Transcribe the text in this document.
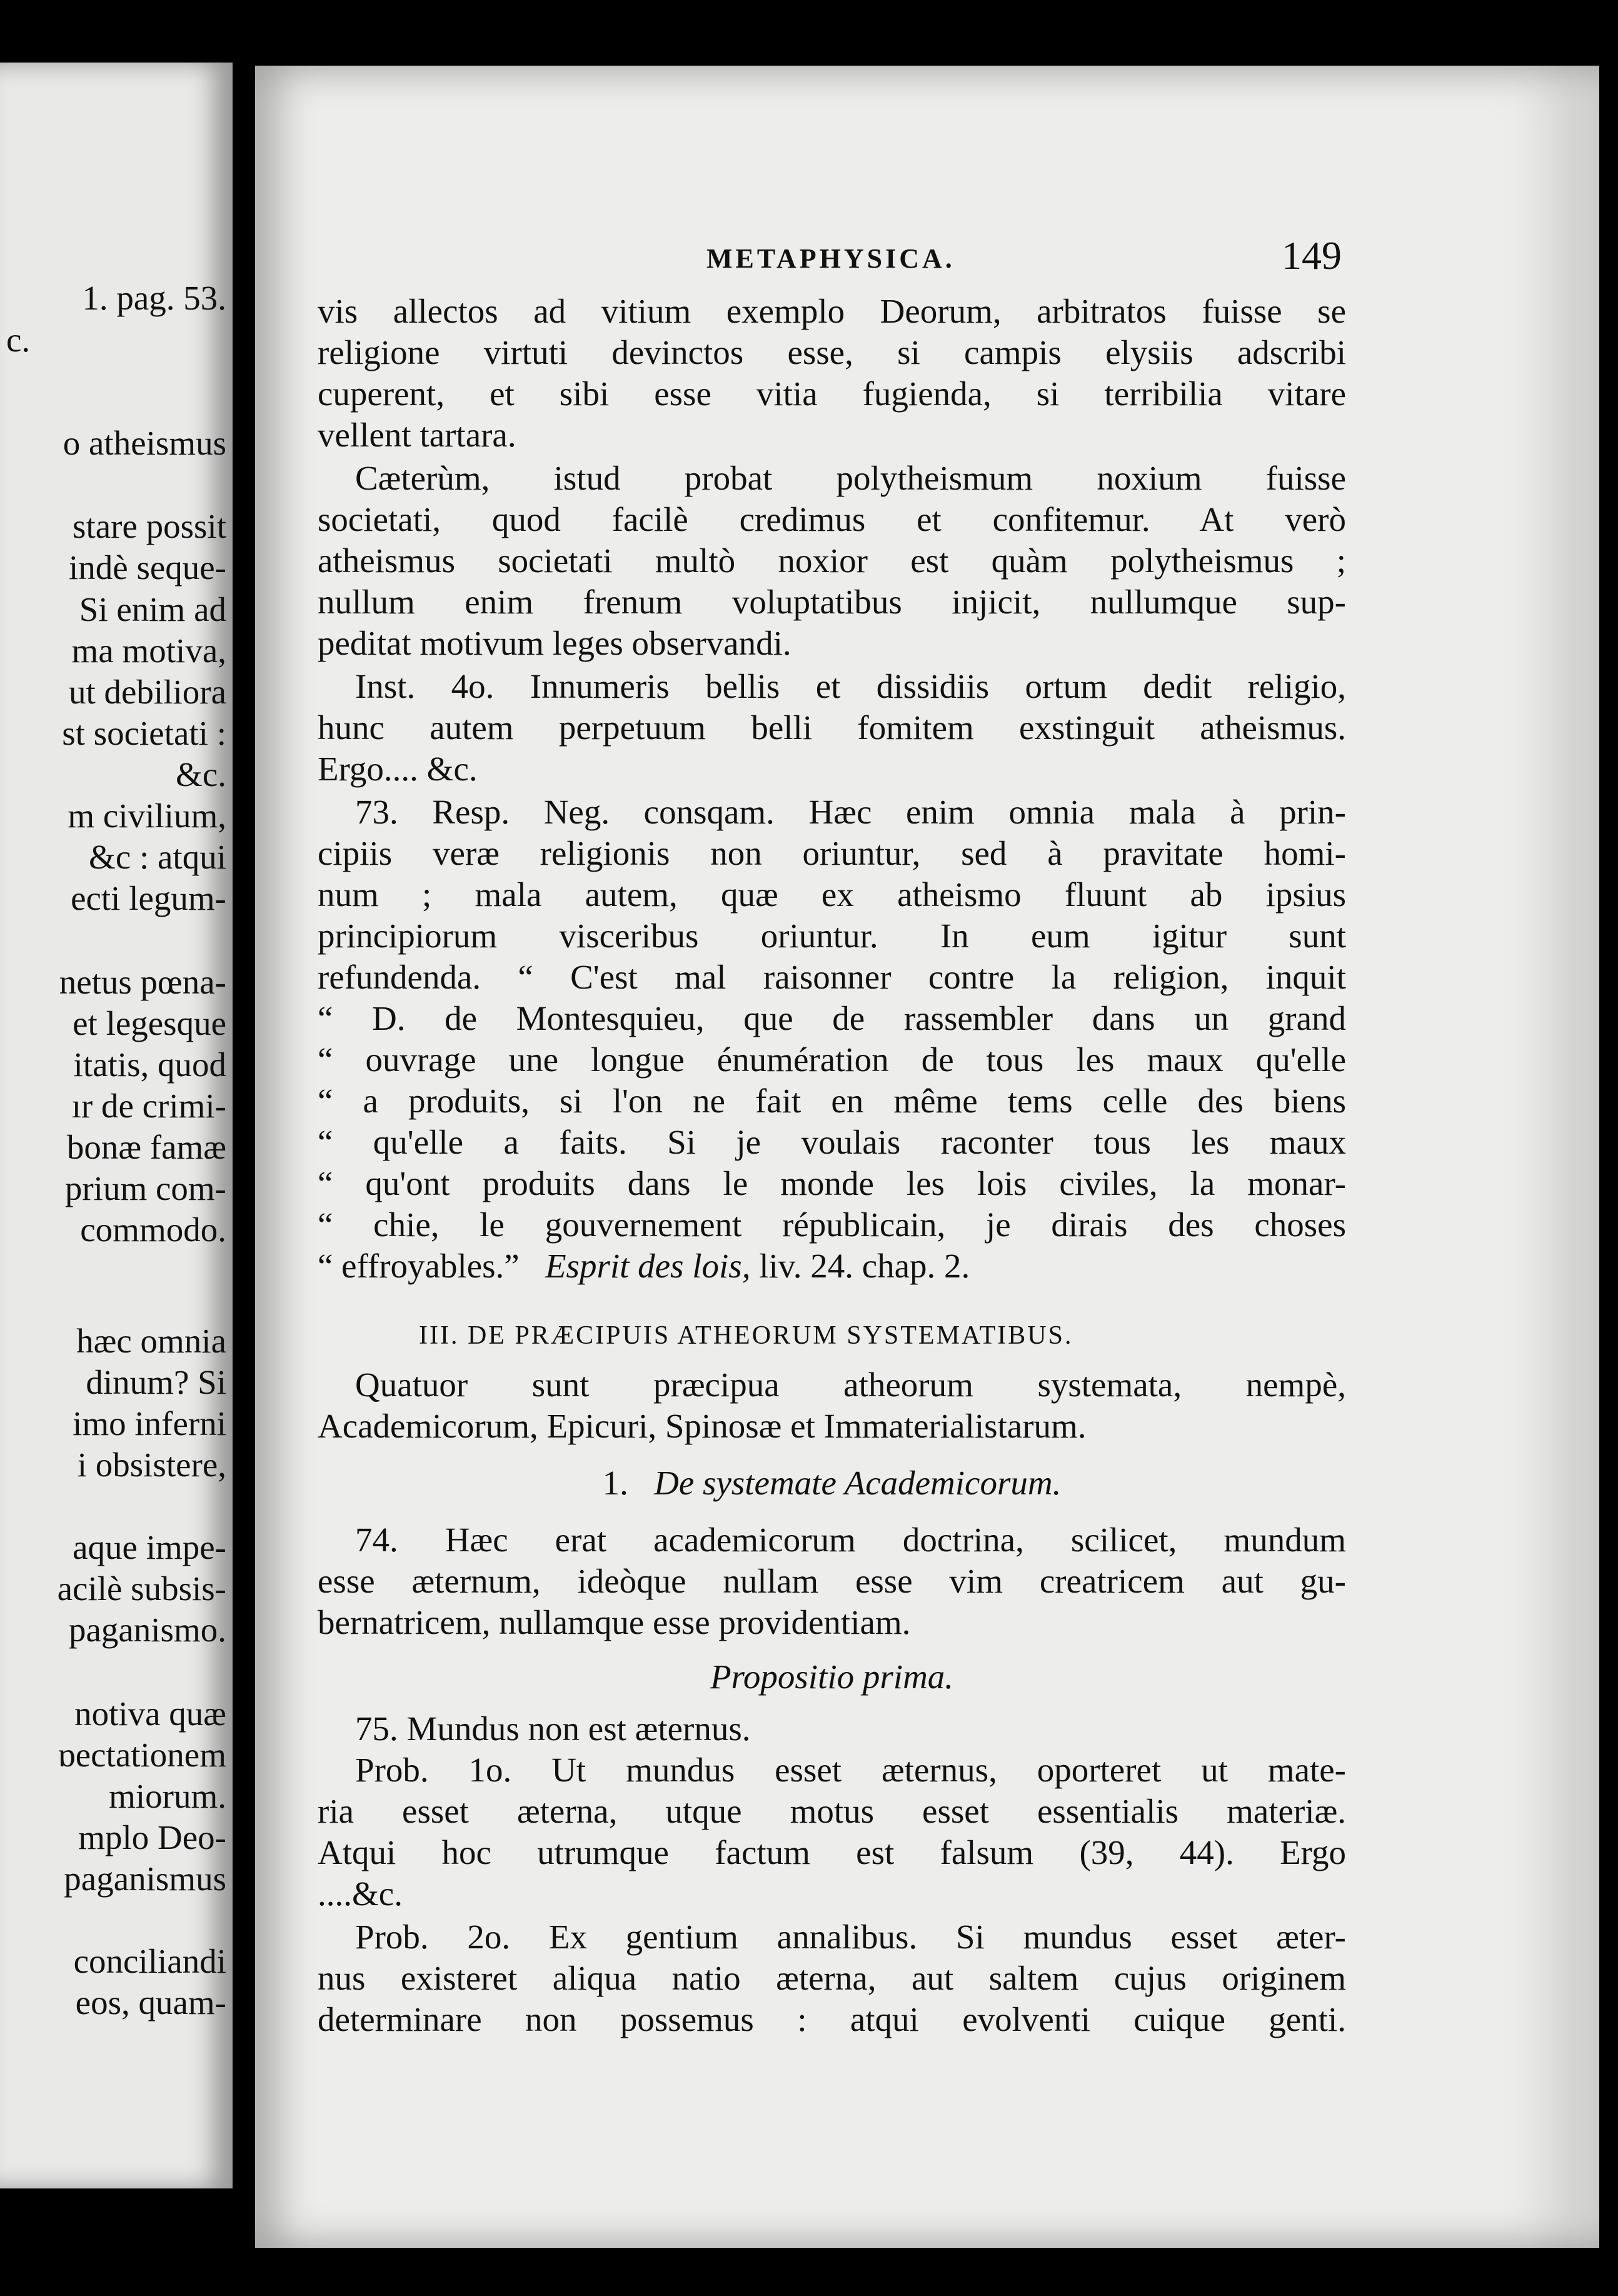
1. pag. 53.
c.
o atheismus
stare possit
indè seque-
Si enim ad
ma motiva,
ut debiliora
st societati :
&c.
m civilium,
&c : atqui
ecti legum-
netus pœna-
et legesque
itatis, quod
ır de crimi-
bonæ famæ
prium com-
commodo.
hæc omnia
dinum? Si
imo inferni
i obsistere,
aque impe-
acilè subsis-
paganismo.
notiva quæ
ɒectationem
miorum.
mplo Deo-
paganismus
conciliandi
eos, quam-
METAPHYSICA.	149
vis allectos ad vitium exemplo Deorum, arbitratos fuisse se
religione virtuti devinctos esse, si campis elysiis adscribi
cuperent, et sibi esse vitia fugienda, si terribilia vitare
vellent tartara.
Cæterùm, istud probat polytheismum noxium fuisse
societati, quod facilè credimus et confitemur. At verò
atheismus societati multò noxior est quàm polytheismus ;
nullum enim frenum voluptatibus injicit, nullumque sup-
peditat motivum leges observandi.
Inst. 4o. Innumeris bellis et dissidiis ortum dedit religio,
hunc autem perpetuum belli fomitem exstinguit atheismus.
Ergo.... &c.
73. Resp. Neg. consqam. Hæc enim omnia mala à prin-
cipiis veræ religionis non oriuntur, sed à pravitate homi-
num ; mala autem, quæ ex atheismo fluunt ab ipsius
principiorum visceribus oriuntur. In eum igitur sunt
refundenda. “ C'est mal raisonner contre la religion, inquit
“ D. de Montesquieu, que de rassembler dans un grand
“ ouvrage une longue énumération de tous les maux qu'elle
“ a produits, si l'on ne fait en même tems celle des biens
“ qu'elle a faits. Si je voulais raconter tous les maux
“ qu'ont produits dans le monde les lois civiles, la monar-
“ chie, le gouvernement républicain, je dirais des choses
“ effroyables.” Esprit des lois, liv. 24. chap. 2.
III. DE PRÆCIPUIS ATHEORUM SYSTEMATIBUS.
Quatuor sunt præcipua atheorum systemata, nempè,
Academicorum, Epicuri, Spinosæ et Immaterialistarum.
1. De systemate Academicorum.
74. Hæc erat academicorum doctrina, scilicet, mundum
esse æternum, ideòque nullam esse vim creatricem aut gu-
bernatricem, nullamque esse providentiam.
Propositio prima.
75. Mundus non est æternus.
Prob. 1o. Ut mundus esset æternus, oporteret ut mate-
ria esset æterna, utque motus esset essentialis materiæ.
Atqui hoc utrumque factum est falsum (39, 44). Ergo
....&c.
Prob. 2o. Ex gentium annalibus. Si mundus esset æter-
nus existeret aliqua natio æterna, aut saltem cujus originem
determinare non possemus : atqui evolventi cuique genti.
